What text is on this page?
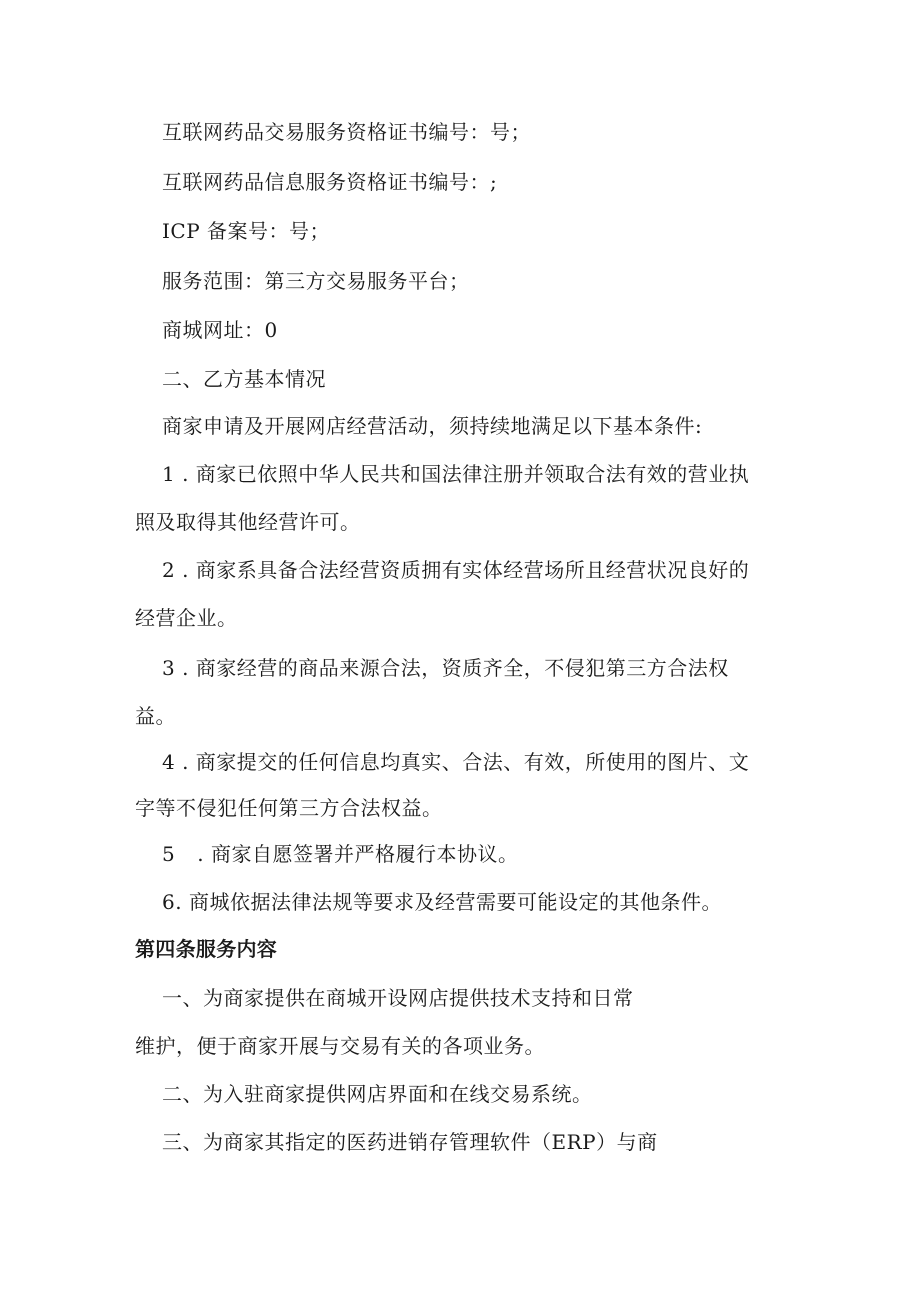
互联网药品交易服务资格证书编号：号；
互联网药品信息服务资格证书编号：;
ICP 备案号：号；
服务范围：第三方交易服务平台；
商城网址：0
二、乙方基本情况
商家申请及开展网店经营活动，须持续地满足以下基本条件:
1 . 商家已依照中华人民共和国法律注册并领取合法有效的营业执
照及取得其他经营许可。
2 . 商家系具备合法经营资质拥有实体经营场所且经营状况良好的
经营企业。
3 . 商家经营的商品来源合法，资质齐全，不侵犯第三方合法权
益。
4 . 商家提交的任何信息均真实、合法、有效，所使用的图片、文
字等不侵犯任何第三方合法权益。
5 . 商家自愿签署并严格履行本协议。
6. 商城依据法律法规等要求及经营需要可能设定的其他条件。
第四条服务内容
一、为商家提供在商城开设网店提供技术支持和日常
维护，便于商家开展与交易有关的各项业务。
二、为入驻商家提供网店界面和在线交易系统。
三、为商家其指定的医药进销存管理软件（ERP）与商
